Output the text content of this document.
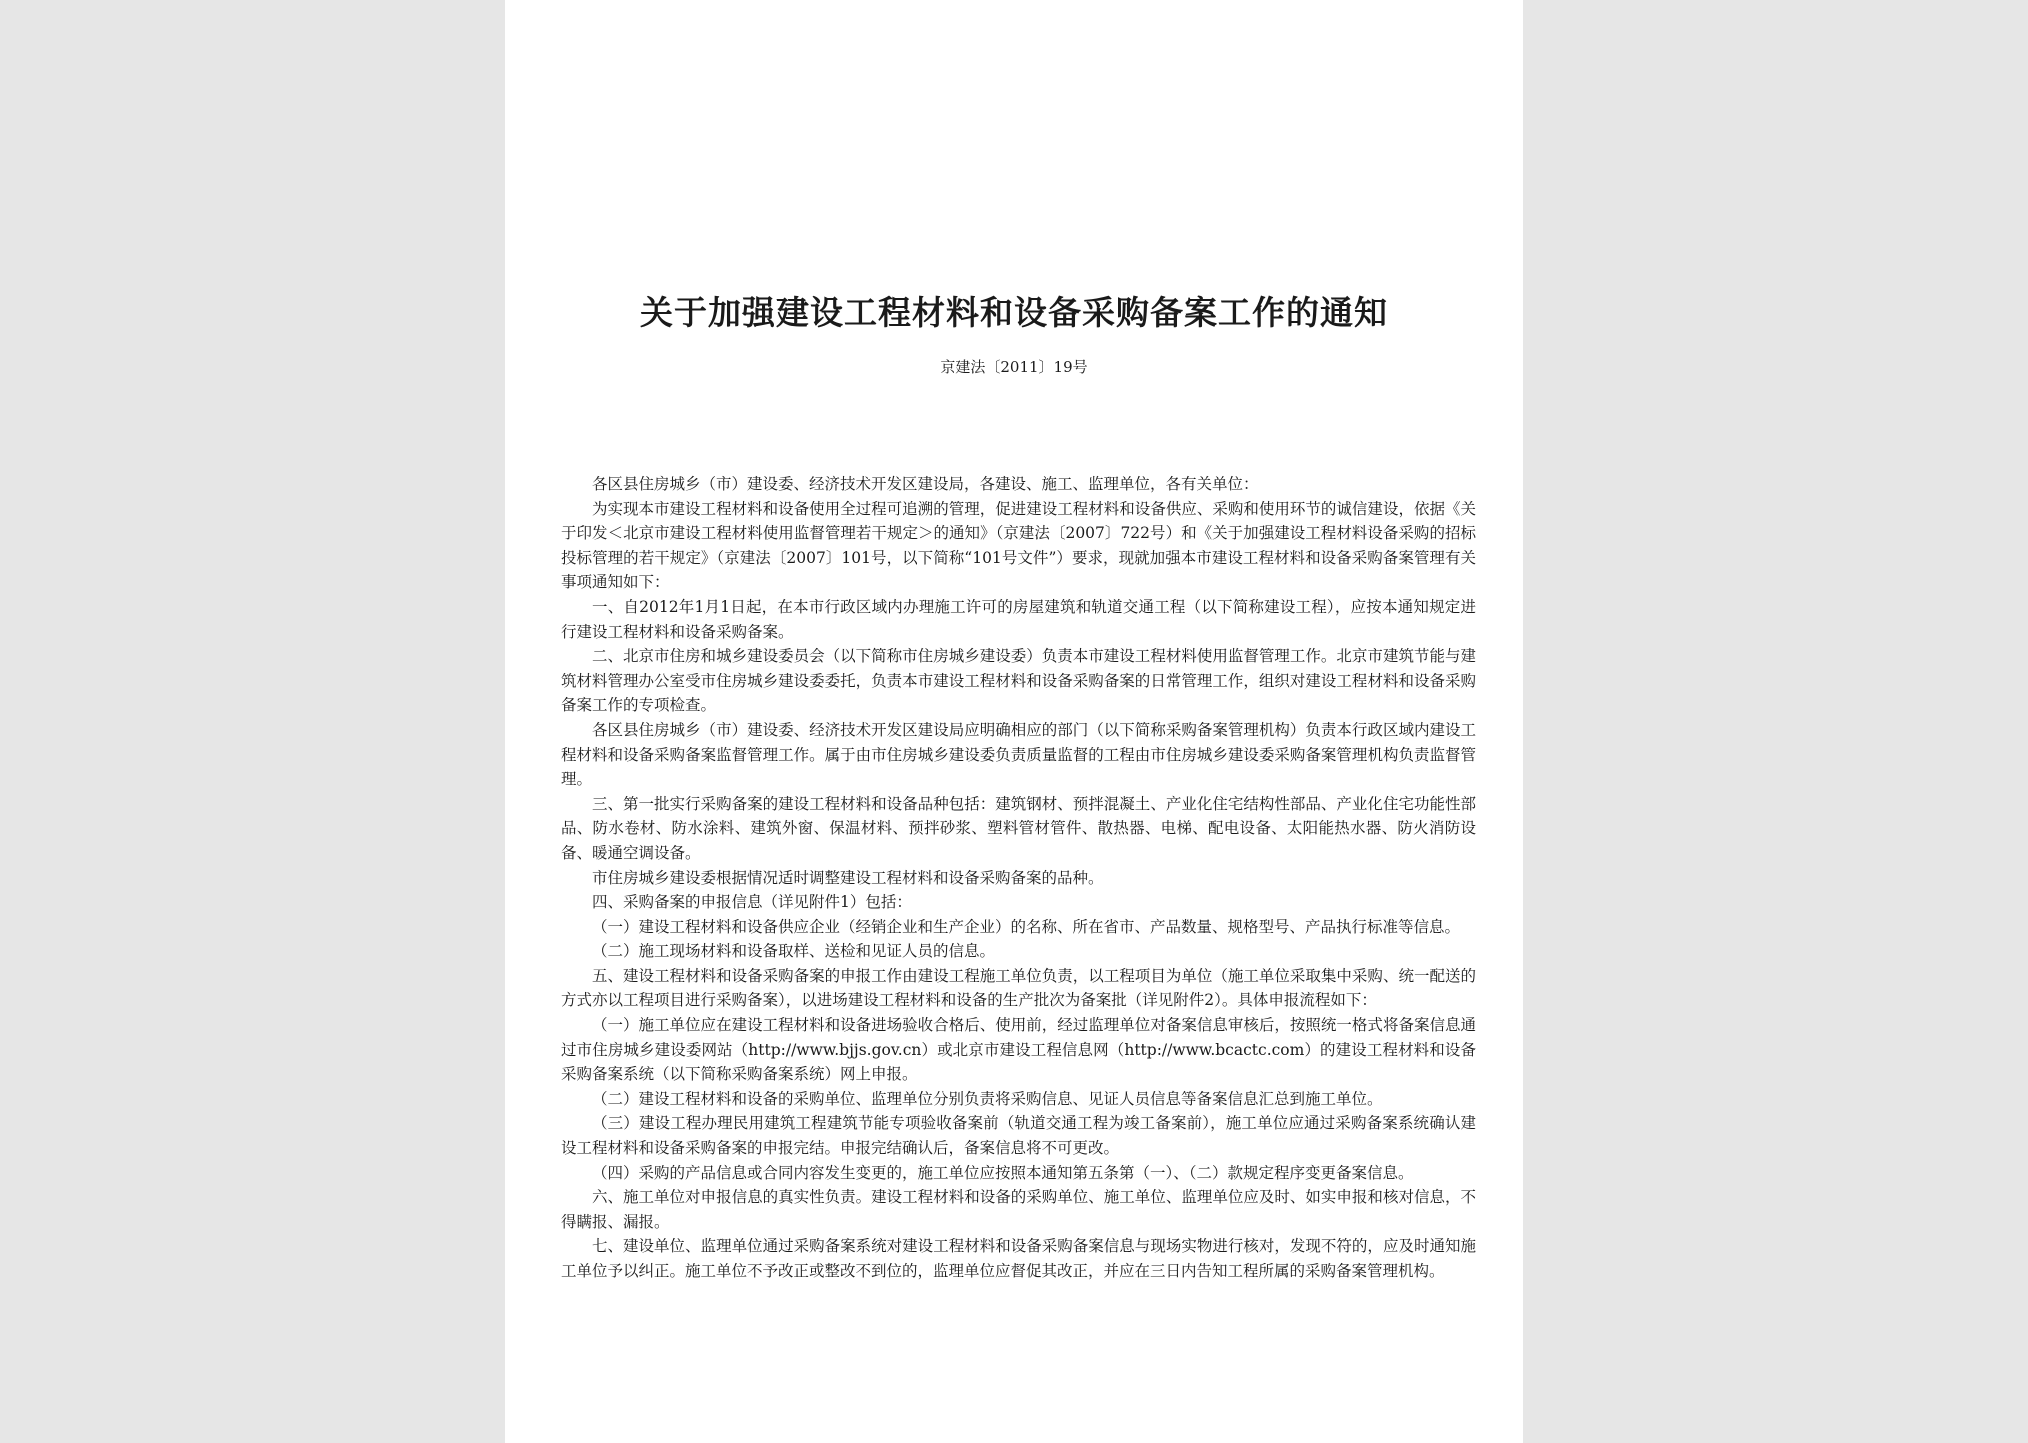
关于加强建设工程材料和设备采购备案工作的通知
京建法〔2011〕19号

各区县住房城乡（市）建设委、经济技术开发区建设局，各建设、施工、监理单位，各有关单位：

为实现本市建设工程材料和设备使用全过程可追溯的管理，促进建设工程材料和设备供应、采购和使用环节的诚信建设，依据《关于印发＜北京市建设工程材料使用监督管理若干规定＞的通知》（京建法〔2007〕722号）和《关于加强建设工程材料设备采购的招标投标管理的若干规定》（京建法〔2007〕101号，以下简称“101号文件”）要求，现就加强本市建设工程材料和设备采购备案管理有关事项通知如下：

一、自2012年1月1日起，在本市行政区域内办理施工许可的房屋建筑和轨道交通工程（以下简称建设工程），应按本通知规定进行建设工程材料和设备采购备案。

二、北京市住房和城乡建设委员会（以下简称市住房城乡建设委）负责本市建设工程材料使用监督管理工作。北京市建筑节能与建筑材料管理办公室受市住房城乡建设委委托，负责本市建设工程材料和设备采购备案的日常管理工作，组织对建设工程材料和设备采购备案工作的专项检查。

各区县住房城乡（市）建设委、经济技术开发区建设局应明确相应的部门（以下简称采购备案管理机构）负责本行政区域内建设工程材料和设备采购备案监督管理工作。属于由市住房城乡建设委负责质量监督的工程由市住房城乡建设委采购备案管理机构负责监督管理。

三、第一批实行采购备案的建设工程材料和设备品种包括：建筑钢材、预拌混凝土、产业化住宅结构性部品、产业化住宅功能性部品、防水卷材、防水涂料、建筑外窗、保温材料、预拌砂浆、塑料管材管件、散热器、电梯、配电设备、太阳能热水器、防火消防设备、暖通空调设备。

市住房城乡建设委根据情况适时调整建设工程材料和设备采购备案的品种。

四、采购备案的申报信息（详见附件1）包括：

（一）建设工程材料和设备供应企业（经销企业和生产企业）的名称、所在省市、产品数量、规格型号、产品执行标准等信息。

（二）施工现场材料和设备取样、送检和见证人员的信息。

五、建设工程材料和设备采购备案的申报工作由建设工程施工单位负责，以工程项目为单位（施工单位采取集中采购、统一配送的方式亦以工程项目进行采购备案），以进场建设工程材料和设备的生产批次为备案批（详见附件2）。具体申报流程如下：

（一）施工单位应在建设工程材料和设备进场验收合格后、使用前，经过监理单位对备案信息审核后，按照统一格式将备案信息通过市住房城乡建设委网站（http://www.bjjs.gov.cn）或北京市建设工程信息网（http://www.bcactc.com）的建设工程材料和设备采购备案系统（以下简称采购备案系统）网上申报。

（二）建设工程材料和设备的采购单位、监理单位分别负责将采购信息、见证人员信息等备案信息汇总到施工单位。

（三）建设工程办理民用建筑工程建筑节能专项验收备案前（轨道交通工程为竣工备案前），施工单位应通过采购备案系统确认建设工程材料和设备采购备案的申报完结。申报完结确认后，备案信息将不可更改。

（四）采购的产品信息或合同内容发生变更的，施工单位应按照本通知第五条第（一）、（二）款规定程序变更备案信息。

六、施工单位对申报信息的真实性负责。建设工程材料和设备的采购单位、施工单位、监理单位应及时、如实申报和核对信息，不得瞒报、漏报。

七、建设单位、监理单位通过采购备案系统对建设工程材料和设备采购备案信息与现场实物进行核对，发现不符的，应及时通知施工单位予以纠正。施工单位不予改正或整改不到位的，监理单位应督促其改正，并应在三日内告知工程所属的采购备案管理机构。
